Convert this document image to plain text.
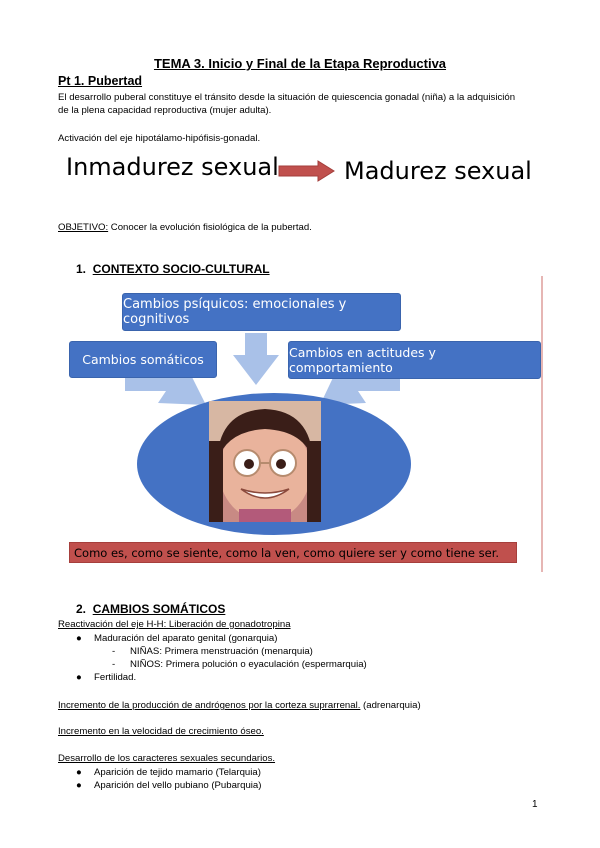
TEMA 3. Inicio y Final de la Etapa Reproductiva
Pt 1. Pubertad
El desarrollo puberal constituye el tránsito desde la situación de quiescencia gonadal (niña) a la adquisición
de la plena capacidad reproductiva (mujer adulta).
Activación del eje hipotálamo-hipófisis-gonadal.
Inmadurez sexual	Madurez sexual
OBJETIVO: Conocer la evolución fisiológica de la pubertad.
1. CONTEXTO SOCIO-CULTURAL
Cambios psíquicos: emocionales y cognitivos
Cambios somáticos	Cambios en actitudes y comportamiento
Como es, como se siente, como la ven, como quiere ser y como tiene ser.
2. CAMBIOS SOMÁTICOS
Reactivación del eje H-H: Liberación de gonadotropina
● Maduración del aparato genital (gonarquia)
- NIÑAS: Primera menstruación (menarquia)
- NIÑOS: Primera polución o eyaculación (espermarquia)
● Fertilidad.
Incremento de la producción de andrógenos por la corteza suprarrenal. (adrenarquia)
Incremento en la velocidad de crecimiento óseo.
Desarrollo de los caracteres sexuales secundarios.
● Aparición de tejido mamario (Telarquia)
● Aparición del vello pubiano (Pubarquia)
1
